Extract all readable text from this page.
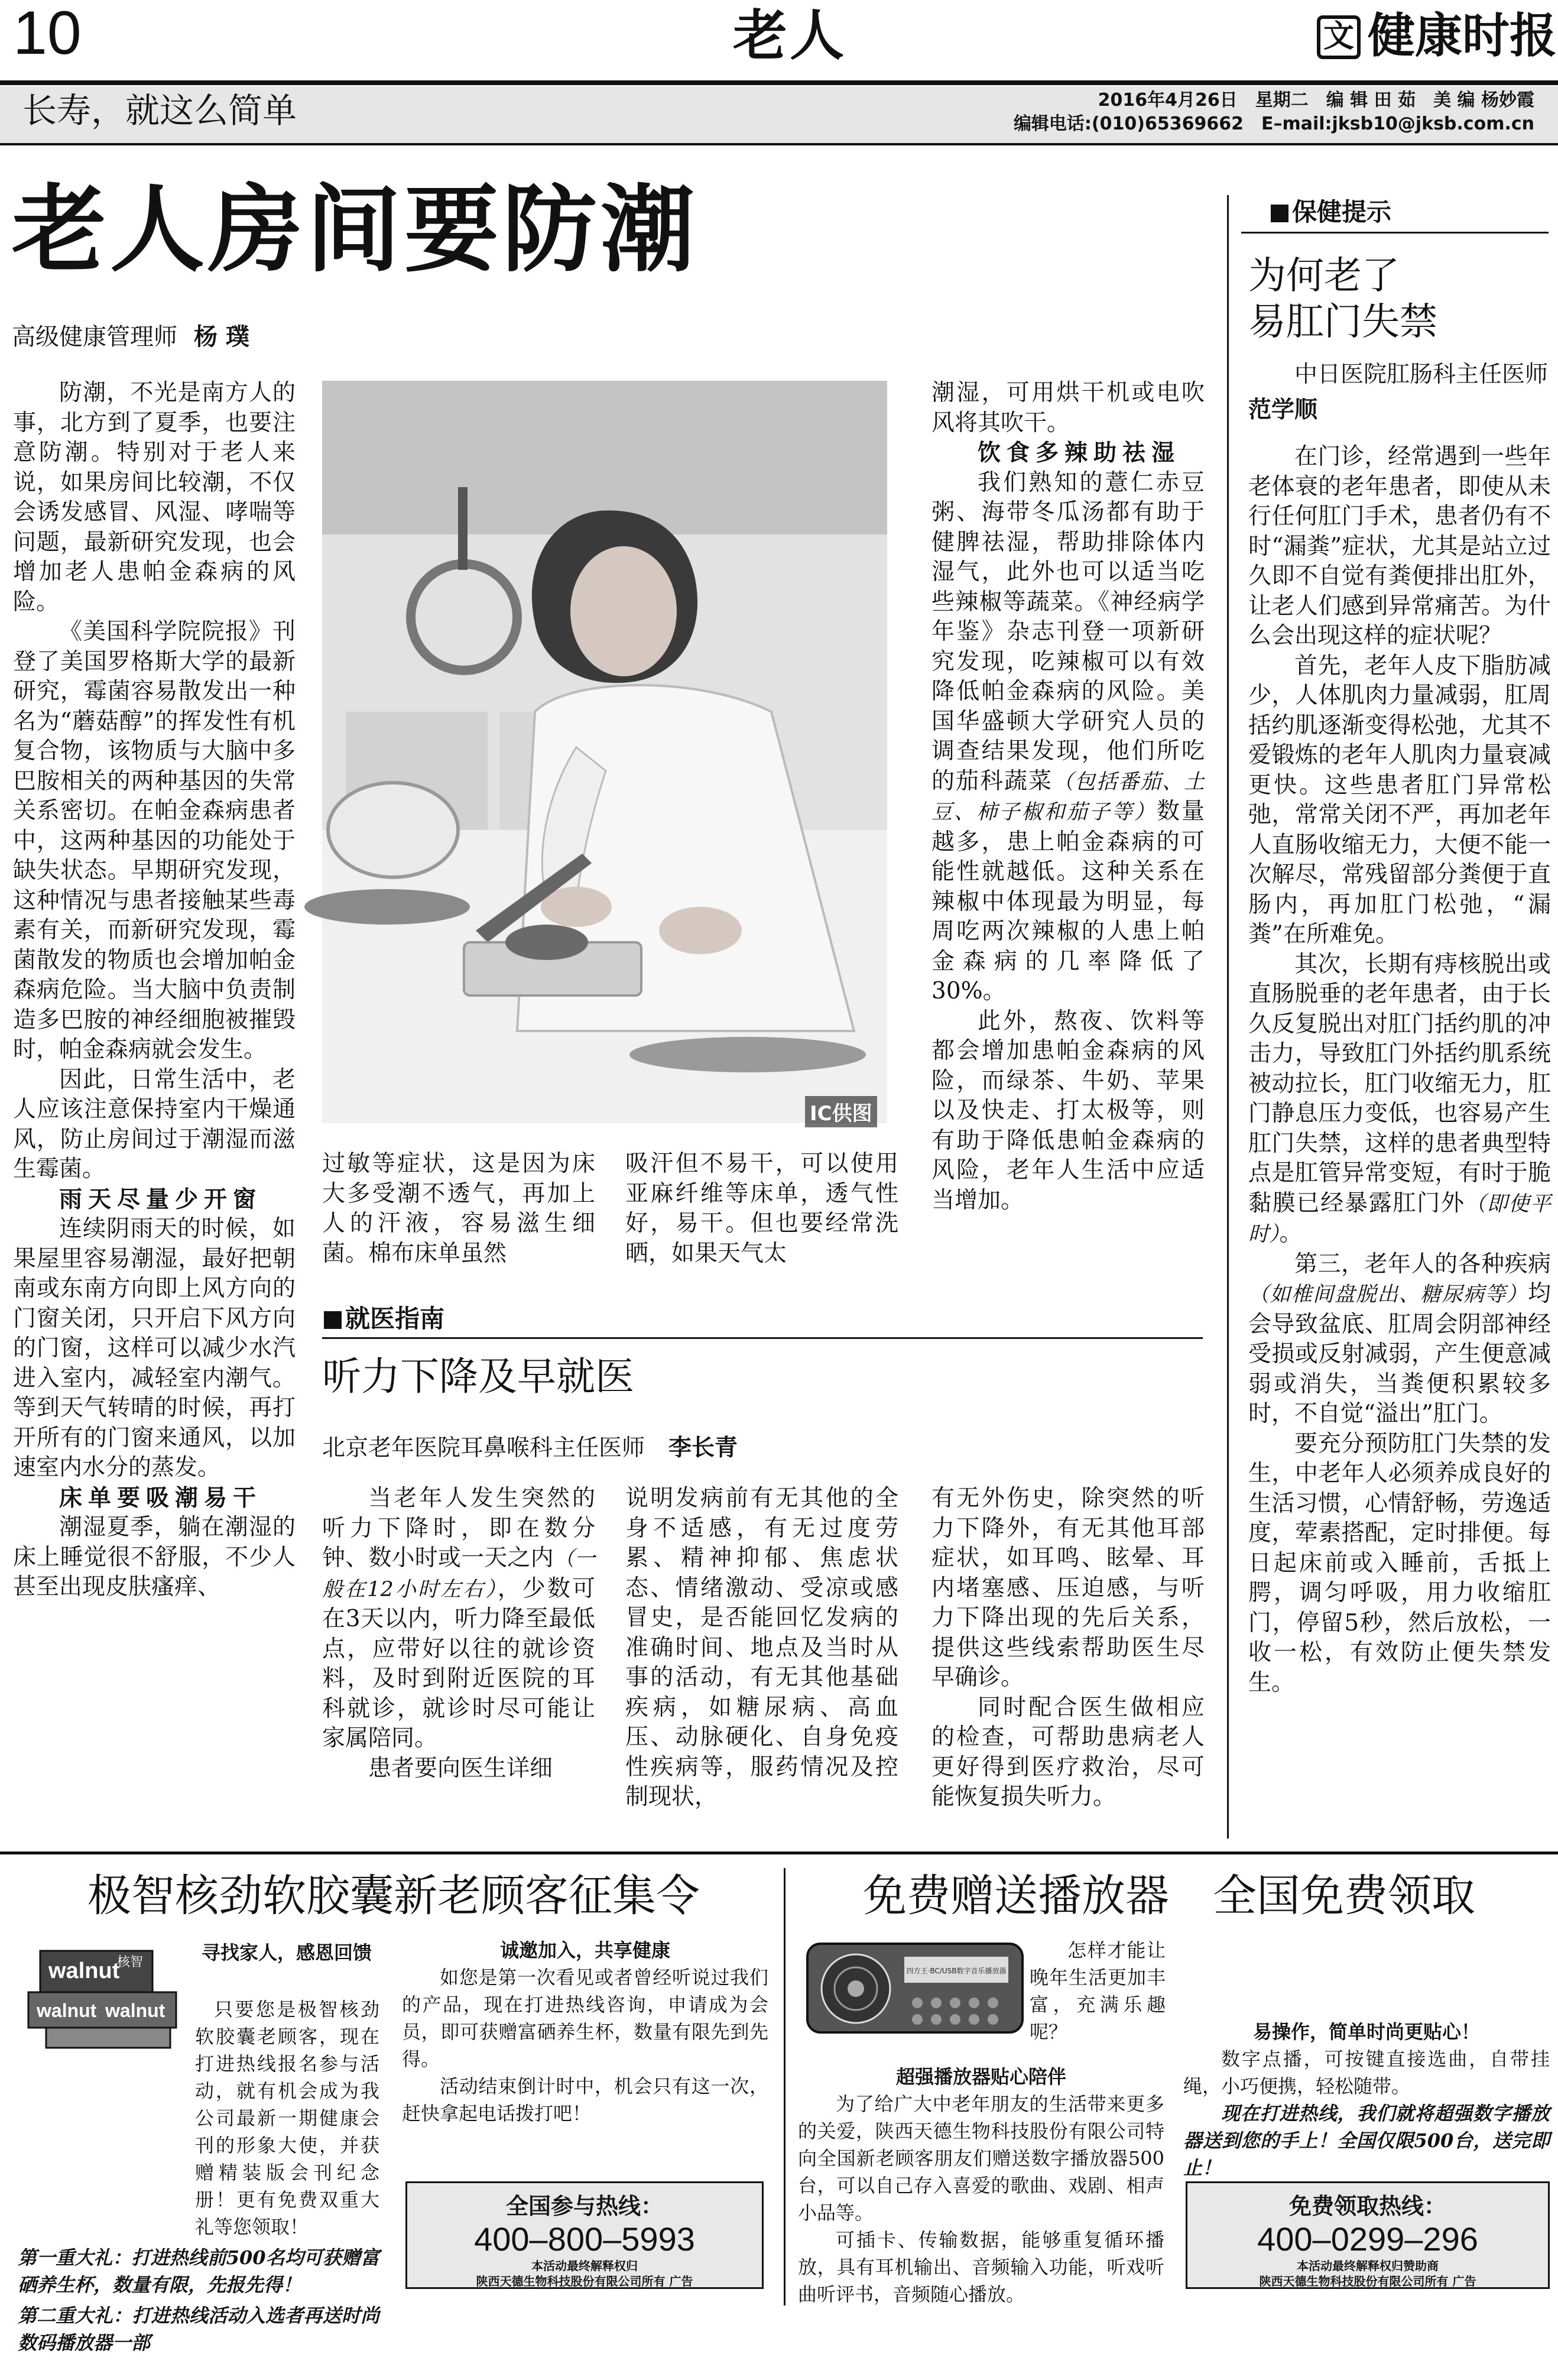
10	老人	文 健康时报
长寿，就这么简单	2016年4月26日　星期二　编 辑 田 茹　美 编 杨妙霞
编辑电话:(010)65369662　E–mail:jksb10@jksb.com.cn
老人房间要防潮
高级健康管理师 杨 璞

防潮，不光是南方人的事，北方到了夏季，也要注意防潮。特别对于老人来说，如果房间比较潮，不仅会诱发感冒、风湿、哮喘等问题，最新研究发现，也会增加老人患帕金森病的风险。

《美国科学院院报》刊登了美国罗格斯大学的最新研究，霉菌容易散发出一种名为“蘑菇醇”的挥发性有机复合物，该物质与大脑中多巴胺相关的两种基因的失常关系密切。在帕金森病患者中，这两种基因的功能处于缺失状态。早期研究发现，这种情况与患者接触某些毒素有关，而新研究发现，霉菌散发的物质也会增加帕金森病危险。当大脑中负责制造多巴胺的神经细胞被摧毁时，帕金森病就会发生。

因此，日常生活中，老人应该注意保持室内干燥通风，防止房间过于潮湿而滋生霉菌。

雨天尽量少开窗

连续阴雨天的时候，如果屋里容易潮湿，最好把朝南或东南方向即上风方向的门窗关闭，只开启下风方向的门窗，这样可以减少水汽进入室内，减轻室内潮气。等到天气转晴的时候，再打开所有的门窗来通风，以加速室内水分的蒸发。

床单要吸潮易干

潮湿夏季，躺在潮湿的床上睡觉很不舒服，不少人甚至出现皮肤瘙痒、

IC供图

过敏等症状，这是因为床大多受潮不透气，再加上人的汗液，容易滋生细菌。棉布床单虽然

吸汗但不易干，可以使用亚麻纤维等床单，透气性好，易干。但也要经常洗晒，如果天气太

潮湿，可用烘干机或电吹风将其吹干。

饮食多辣助祛湿

我们熟知的薏仁赤豆粥、海带冬瓜汤都有助于健脾祛湿，帮助排除体内湿气，此外也可以适当吃些辣椒等蔬菜。《神经病学年鉴》杂志刊登一项新研究发现，吃辣椒可以有效降低帕金森病的风险。美国华盛顿大学研究人员的调查结果发现，他们所吃的茄科蔬菜（包括番茄、土豆、柿子椒和茄子等）数量越多，患上帕金森病的可能性就越低。这种关系在辣椒中体现最为明显，每周吃两次辣椒的人患上帕金森病的几率降低了30%。

此外，熬夜、饮料等都会增加患帕金森病的风险，而绿茶、牛奶、苹果以及快走、打太极等，则有助于降低患帕金森病的风险，老年人生活中应适当增加。

保健提示
为何老了
易肛门失禁
中日医院肛肠科主任医师　范学顺

在门诊，经常遇到一些年老体衰的老年患者，即使从未行任何肛门手术，患者仍有不时“漏粪”症状，尤其是站立过久即不自觉有粪便排出肛外，让老人们感到异常痛苦。为什么会出现这样的症状呢？

首先，老年人皮下脂肪减少，人体肌肉力量减弱，肛周括约肌逐渐变得松弛，尤其不爱锻炼的老年人肌肉力量衰减更快。这些患者肛门异常松弛，常常关闭不严，再加老年人直肠收缩无力，大便不能一次解尽，常残留部分粪便于直肠内，再加肛门松弛，“漏粪”在所难免。

其次，长期有痔核脱出或直肠脱垂的老年患者，由于长久反复脱出对肛门括约肌的冲击力，导致肛门外括约肌系统被动拉长，肛门收缩无力，肛门静息压力变低，也容易产生肛门失禁，这样的患者典型特点是肛管异常变短，有时于脆黏膜已经暴露肛门外（即使平时）。

第三，老年人的各种疾病（如椎间盘脱出、糖尿病等）均会导致盆底、肛周会阴部神经受损或反射减弱，产生便意减弱或消失，当粪便积累较多时，不自觉“溢出”肛门。

要充分预防肛门失禁的发生，中老年人必须养成良好的生活习惯，心情舒畅，劳逸适度，荤素搭配，定时排便。每日起床前或入睡前，舌抵上腭，调匀呼吸，用力收缩肛门，停留5秒，然后放松，一收一松，有效防止便失禁发生。

就医指南
听力下降及早就医
北京老年医院耳鼻喉科主任医师 李长青

当老年人发生突然的听力下降时，即在数分钟、数小时或一天之内（一般在12小时左右），少数可在3天以内，听力降至最低点，应带好以往的就诊资料，及时到附近医院的耳科就诊，就诊时尽可能让家属陪同。

患者要向医生详细

说明发病前有无其他的全身不适感，有无过度劳累、精神抑郁、焦虑状态、情绪激动、受凉或感冒史，是否能回忆发病的准确时间、地点及当时从事的活动，有无其他基础疾病，如糖尿病、高血压、动脉硬化、自身免疫性疾病等，服药情况及控制现状，

有无外伤史，除突然的听力下降外，有无其他耳部症状，如耳鸣、眩晕、耳内堵塞感、压迫感，与听力下降出现的先后关系，提供这些线索帮助医生尽早确诊。

同时配合医生做相应的检查，可帮助患病老人更好得到医疗救治，尽可能恢复损失听力。

极智核劲软胶囊新老顾客征集令
walnut
核智
walnut walnut

寻找家人，感恩回馈

只要您是极智核劲软胶囊老顾客，现在打进热线报名参与活动，就有机会成为我公司最新一期健康会刊的形象大使，并获赠精装版会刊纪念册！更有免费双重大礼等您领取！

第一重大礼：打进热线前500名均可获赠富硒养生杯，数量有限，先报先得！

第二重大礼：打进热线活动入选者再送时尚数码播放器一部

诚邀加入，共享健康

如您是第一次看见或者曾经听说过我们的产品，现在打进热线咨询，申请成为会员，即可获赠富硒养生杯，数量有限先到先得。

活动结束倒计时中，机会只有这一次，赶快拿起电话拨打吧！

全国参与热线：
400–800–5993
本活动最终解释权归
陕西天德生物科技股份有限公司所有 广告
免费赠送播放器　全国免费领取
四方王·BC/USB数字音乐播放器

怎样才能让晚年生活更加丰富，充满乐趣呢？

超强播放器贴心陪伴

为了给广大中老年朋友的生活带来更多的关爱，陕西天德生物科技股份有限公司特向全国新老顾客朋友们赠送数字播放器500台，可以自己存入喜爱的歌曲、戏剧、相声小品等。

可插卡、传输数据，能够重复循环播放，具有耳机输出、音频输入功能，听戏听曲听评书，音频随心播放。

易操作，简单时尚更贴心！

数字点播，可按键直接选曲，自带挂绳，小巧便携，轻松随带。

现在打进热线，我们就将超强数字播放器送到您的手上！全国仅限500台，送完即止！

免费领取热线：
400–0299–296
本活动最终解释权归赞助商
陕西天德生物科技股份有限公司所有 广告
